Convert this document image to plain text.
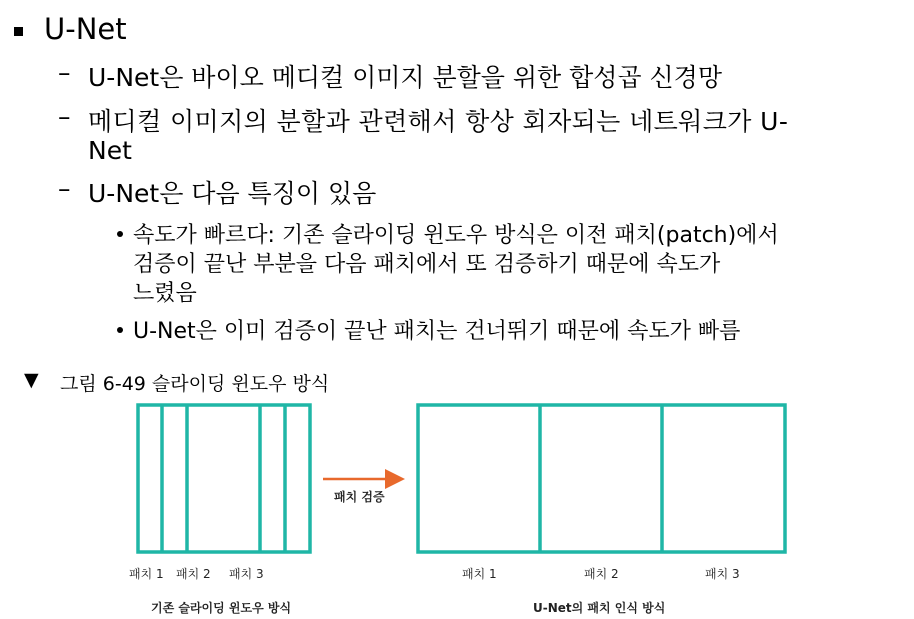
U-Net
– U-Net은 바이오 메디컬 이미지 분할을 위한 합성곱 신경망
– 메디컬 이미지의 분할과 관련해서 항상 회자되는 네트워크가 U-
Net
– U-Net은 다음 특징이 있음
속도가 빠르다: 기존 슬라이딩 윈도우 방식은 이전 패치(patch)에서
검증이 끝난 부분을 다음 패치에서 또 검증하기 때문에 속도가
느렸음
U-Net은 이미 검증이 끝난 패치는 건너뛰기 때문에 속도가 빠름
▼ 그림 6-49 슬라이딩 윈도우 방식
패치 검증
패치 1 패치 2 패치 3
기존 슬라이딩 윈도우 방식
패치 1	패치 2	패치 3
U-Net의 패치 인식 방식
